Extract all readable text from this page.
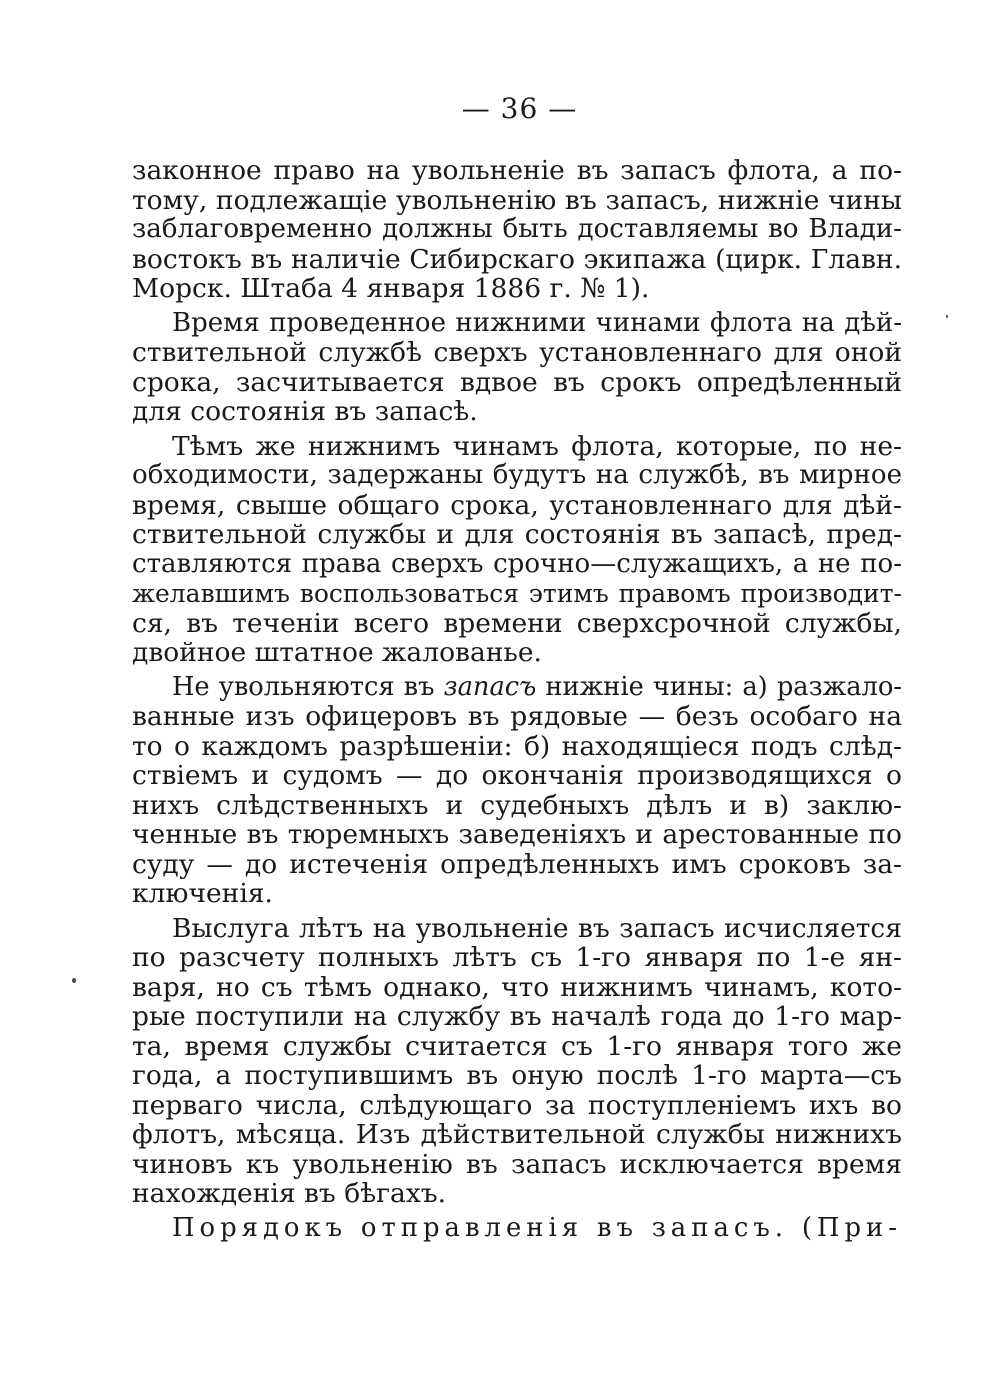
— 36 —
законное право на увольненіе въ запасъ флота, а по-
тому, подлежащіе увольненію въ запасъ, нижніе чины
заблаговременно должны быть доставляемы во Влади-
востокъ въ наличіе Сибирскаго экипажа (цирк. Главн.
Морск. Штаба 4 января 1886 г. № 1).
Время проведенное нижними чинами флота на дѣй-
ствительной службѣ сверхъ установленнаго для оной
срока, засчитывается вдвое въ срокъ опредѣленный
для состоянія въ запасѣ.
Тѣмъ же нижнимъ чинамъ флота, которые, по не-
обходимости, задержаны будутъ на службѣ, въ мирное
время, свыше общаго срока, установленнаго для дѣй-
ствительной службы и для состоянія въ запасѣ, пред-
ставляются права сверхъ срочно—служащихъ, а не по-
желавшимъ воспользоваться этимъ правомъ производит-
ся, въ теченіи всего времени сверхсрочной службы,
двойное штатное жалованье.
Не увольняются въ запасъ нижніе чины: а) разжало-
ванные изъ офицеровъ въ рядовые — безъ особаго на
то о каждомъ разрѣшеніи: б) находящіеся подъ слѣд-
ствіемъ и судомъ — до окончанія производящихся о
нихъ слѣдственныхъ и судебныхъ дѣлъ и в) заклю-
ченные въ тюремныхъ заведеніяхъ и арестованные по
суду — до истеченія опредѣленныхъ имъ сроковъ за-
ключенія.
Выслуга лѣтъ на увольненіе въ запасъ исчисляется
по разсчету полныхъ лѣтъ съ 1-го января по 1-е ян-
варя, но съ тѣмъ однако, что нижнимъ чинамъ, кото-
рые поступили на службу въ началѣ года до 1-го мар-
та, время службы считается съ 1-го января того же
года, а поступившимъ въ оную послѣ 1-го марта—съ
перваго числа, слѣдующаго за поступленіемъ ихъ во
флотъ, мѣсяца. Изъ дѣйствительной службы нижнихъ
чиновъ къ увольненію въ запасъ исключается время
нахожденія въ бѣгахъ.
Порядокъ отправленія въ запасъ. (При-
